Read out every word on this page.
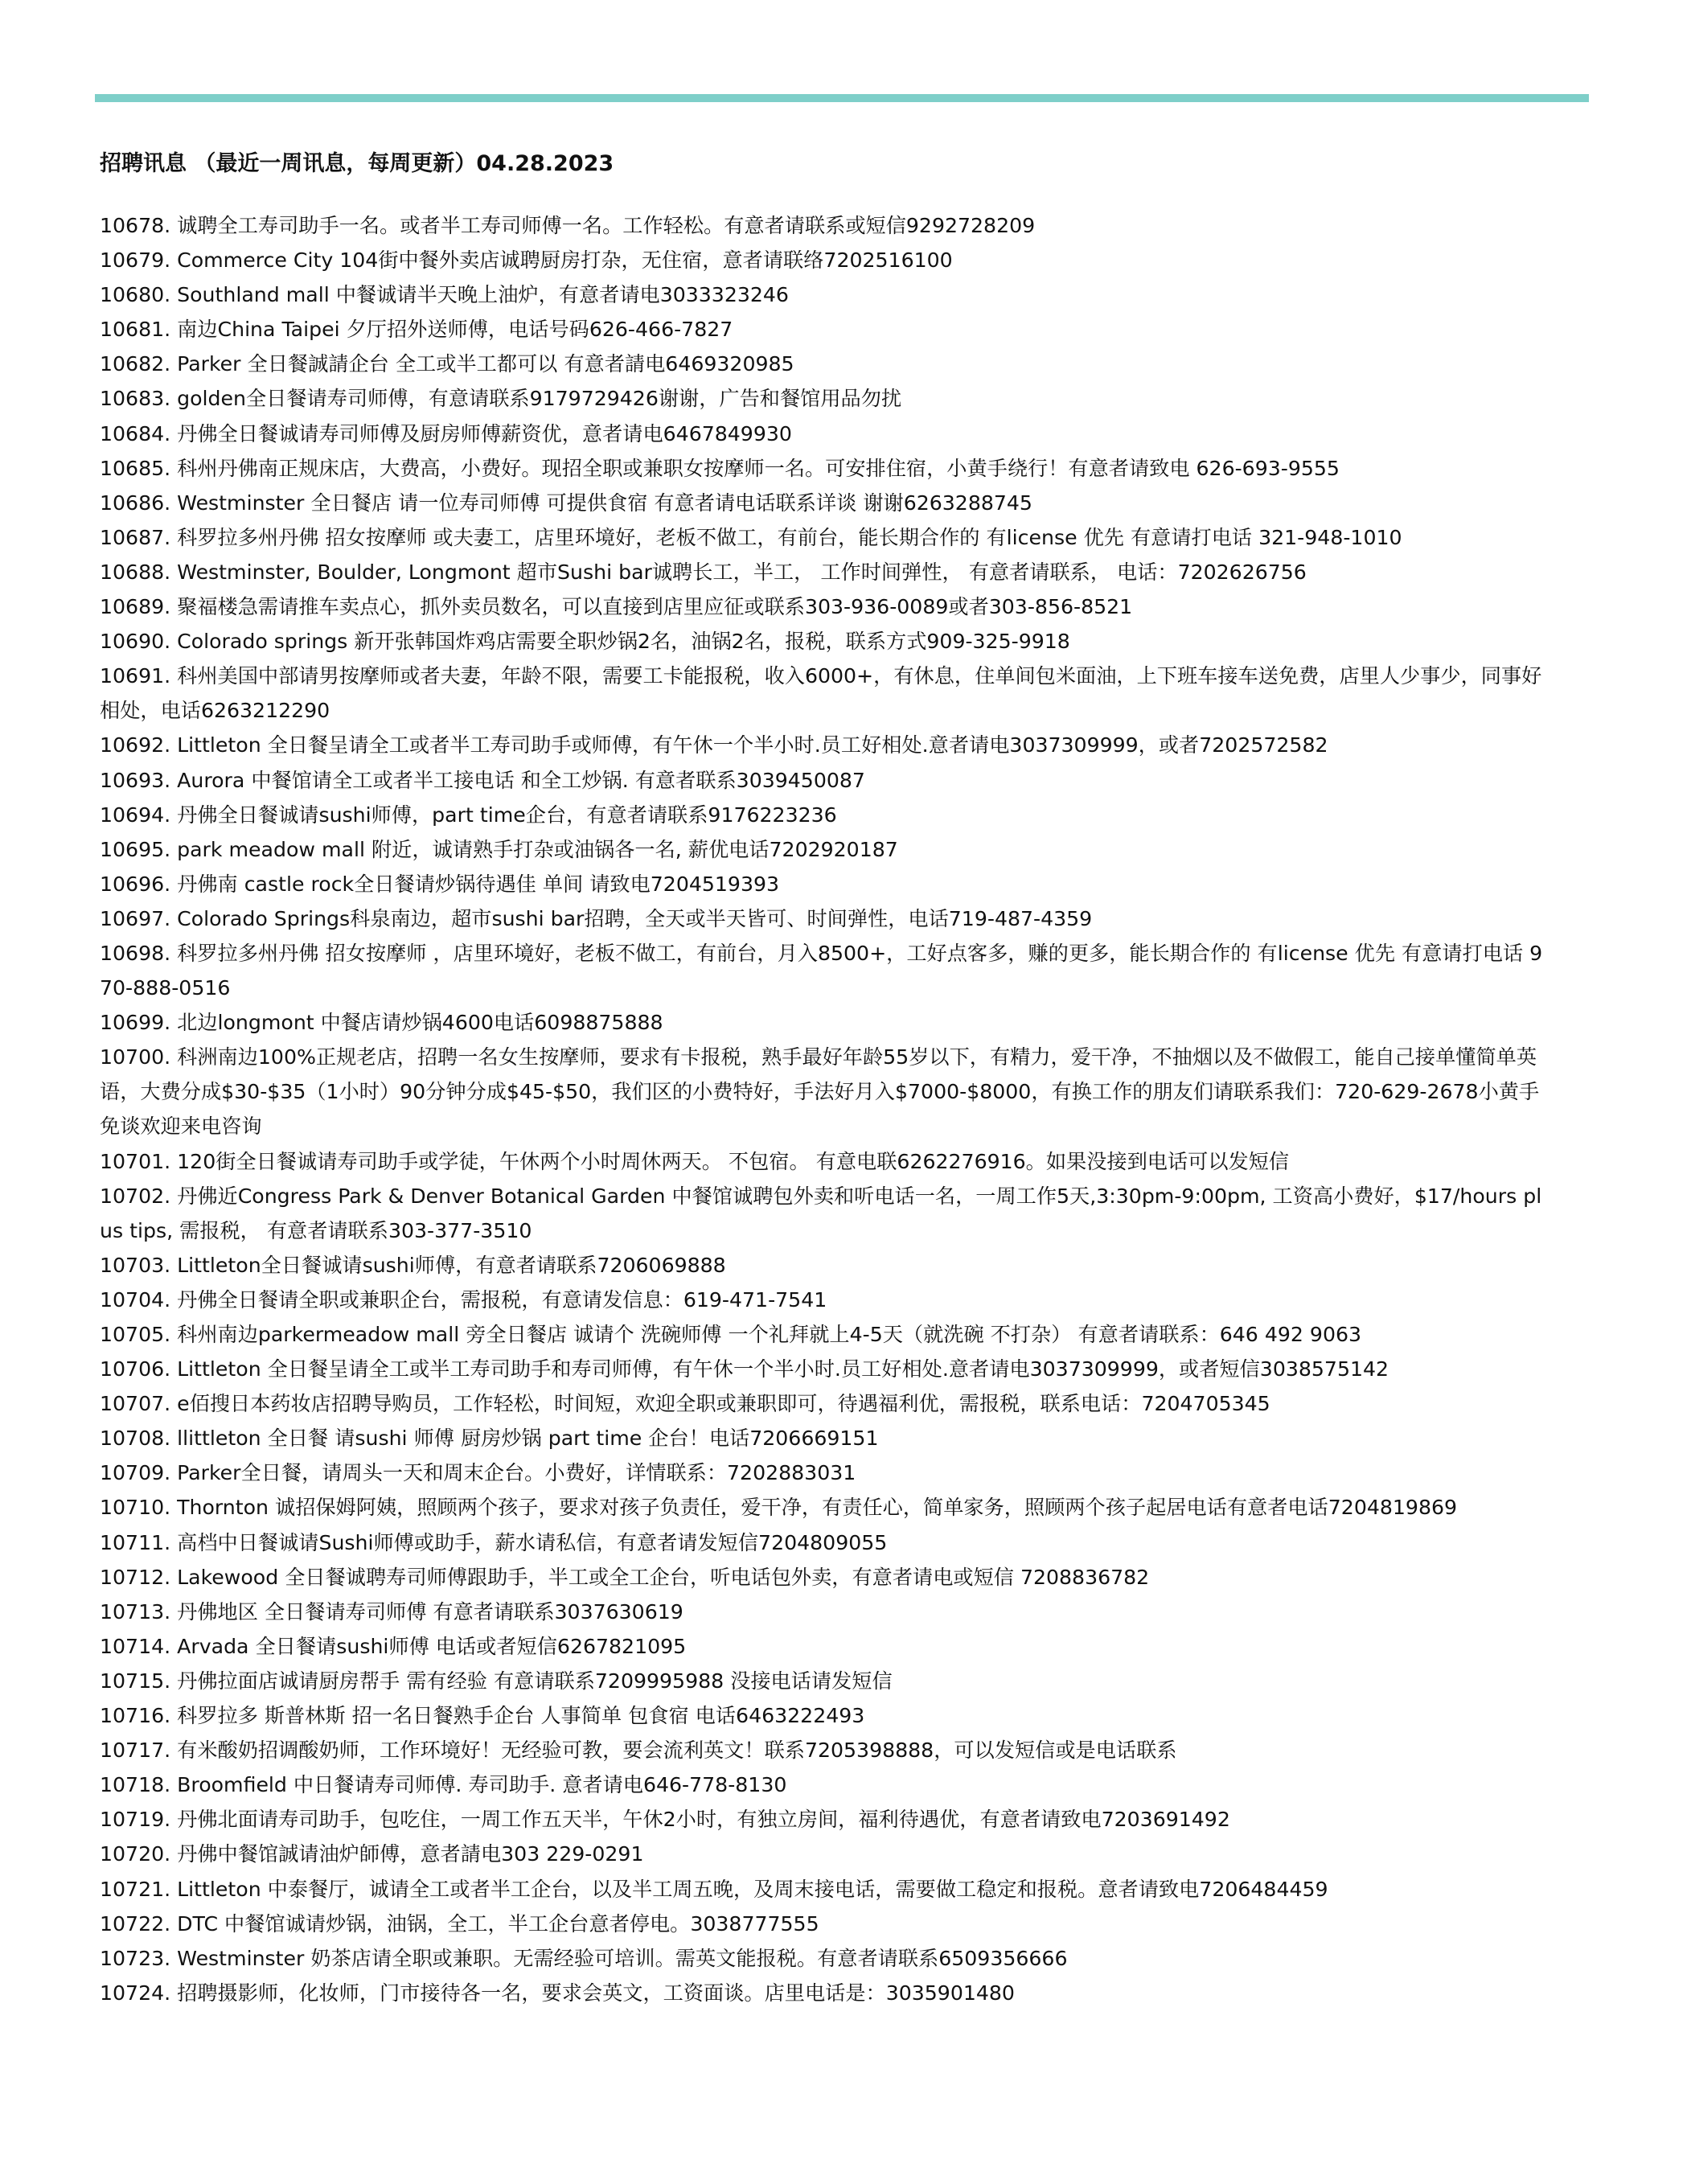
招聘讯息 （最近一周讯息，每周更新）04.28.2023
10678. 诚聘全工寿司助手一名。或者半工寿司师傅一名。工作轻松。有意者请联系或短信9292728209
10679. Commerce City 104街中餐外卖店诚聘厨房打杂，无住宿，意者请联络7202516100
10680. Southland mall 中餐诚请半天晚上油炉，有意者请电3033323246
10681. 南边China Taipei 夕厅招外送师傅，电话号码626-466-7827
10682. Parker 全日餐誠請企台 全工或半工都可以 有意者請电6469320985
10683. golden全日餐请寿司师傅，有意请联系9179729426谢谢，广告和餐馆用品勿扰
10684. 丹佛全日餐诚请寿司师傅及厨房师傅薪资优，意者请电6467849930
10685. 科州丹佛南正规床店，大费高，小费好。现招全职或兼职女按摩师一名。可安排住宿，小黄手绕行！有意者请致电 626-693-9555
10686. Westminster 全日餐店 请一位寿司师傅 可提供食宿 有意者请电话联系详谈 谢谢6263288745
10687. 科罗拉多州丹佛 招女按摩师 或夫妻工，店里环境好，老板不做工，有前台，能长期合作的 有license 优先 有意请打电话 321-948-1010
10688. Westminster, Boulder, Longmont 超市Sushi bar诚聘长工，半工， 工作时间弹性， 有意者请联系， 电话：7202626756
10689. 聚福楼急需请推车卖点心，抓外卖员数名，可以直接到店里应征或联系303-936-0089或者303-856-8521
10690. Colorado springs 新开张韩国炸鸡店需要全职炒锅2名，油锅2名，报税，联系方式909-325-9918
10691. 科州美国中部请男按摩师或者夫妻，年龄不限，需要工卡能报税，收入6000+，有休息，住单间包米面油，上下班车接车送免费，店里人少事少，同事好相处，电话6263212290
10692. Littleton 全日餐呈请全工或者半工寿司助手或师傅，有午休一个半小时.员工好相处.意者请电3037309999，或者7202572582
10693. Aurora 中餐馆请全工或者半工接电话 和全工炒锅. 有意者联系3039450087
10694. 丹佛全日餐诚请sushi师傅，part time企台，有意者请联系9176223236
10695. park meadow mall 附近，诚请熟手打杂或油锅各一名, 薪优电话7202920187
10696. 丹佛南 castle rock全日餐请炒锅待遇佳 单间 请致电7204519393
10697. Colorado Springs科泉南边，超市sushi bar招聘，全天或半天皆可、时间弹性，电话719-487-4359
10698. 科罗拉多州丹佛 招女按摩师 ，店里环境好，老板不做工，有前台，月入8500+，工好点客多，赚的更多，能长期合作的 有license 优先 有意请打电话 970-888-0516
10699. 北边longmont 中餐店请炒锅4600电话6098875888
10700. 科洲南边100%正规老店，招聘一名女生按摩师，要求有卡报税，熟手最好年龄55岁以下，有精力，爱干净，不抽烟以及不做假工，能自己接单懂简单英语，大费分成$30-$35（1小时）90分钟分成$45-$50，我们区的小费特好，手法好月入$7000-$8000，有换工作的朋友们请联系我们：720-629-2678小黄手免谈欢迎来电咨询
10701. 120街全日餐诚请寿司助手或学徒，午休两个小时周休两天。 不包宿。 有意电联6262276916。如果没接到电话可以发短信
10702. 丹佛近Congress Park & Denver Botanical Garden 中餐馆诚聘包外卖和听电话一名，一周工作5天,3:30pm-9:00pm, 工资高小费好，$17/hours plus tips, 需报税， 有意者请联系303-377-3510
10703. Littleton全日餐诚请sushi师傅，有意者请联系7206069888
10704. 丹佛全日餐请全职或兼职企台，需报税，有意请发信息：619-471-7541
10705. 科州南边parkermeadow mall 旁全日餐店 诚请个 洗碗师傅 一个礼拜就上4-5天（就洗碗 不打杂） 有意者请联系：646 492 9063
10706. Littleton 全日餐呈请全工或半工寿司助手和寿司师傅，有午休一个半小时.员工好相处.意者请电3037309999，或者短信3038575142
10707. e佰搜日本药妆店招聘导购员，工作轻松，时间短，欢迎全职或兼职即可，待遇福利优，需报税，联系电话：7204705345
10708. llittleton 全日餐 请sushi 师傅 厨房炒锅 part time 企台！电话7206669151
10709. Parker全日餐，请周头一天和周末企台。小费好，详情联系：7202883031
10710. Thornton 诚招保姆阿姨，照顾两个孩子，要求对孩子负责任，爱干净，有责任心，简单家务，照顾两个孩子起居电话有意者电话7204819869
10711. 高档中日餐诚请Sushi师傅或助手，薪水请私信，有意者请发短信7204809055
10712. Lakewood 全日餐诚聘寿司师傅跟助手，半工或全工企台，听电话包外卖，有意者请电或短信 7208836782
10713. 丹佛地区 全日餐请寿司师傅 有意者请联系3037630619
10714. Arvada 全日餐请sushi师傅 电话或者短信6267821095
10715. 丹佛拉面店诚请厨房帮手 需有经验 有意请联系7209995988 没接电话请发短信
10716. 科罗拉多 斯普林斯 招一名日餐熟手企台 人事简单 包食宿 电话6463222493
10717. 有米酸奶招调酸奶师，工作环境好！无经验可教，要会流利英文！联系7205398888，可以发短信或是电话联系
10718. Broomfield 中日餐请寿司师傅. 寿司助手. 意者请电646-778-8130
10719. 丹佛北面请寿司助手，包吃住，一周工作五天半，午休2小时，有独立房间，福利待遇优，有意者请致电7203691492
10720. 丹佛中餐馆誠请油炉師傅，意者請电303 229-0291
10721. Littleton 中泰餐厅，诚请全工或者半工企台，以及半工周五晚，及周末接电话，需要做工稳定和报税。意者请致电7206484459
10722. DTC 中餐馆诚请炒锅，油锅，全工，半工企台意者停电。3038777555
10723. Westminster 奶茶店请全职或兼职。无需经验可培训。需英文能报税。有意者请联系6509356666
10724. 招聘摄影师，化妆师，门市接待各一名，要求会英文，工资面谈。店里电话是：3035901480
